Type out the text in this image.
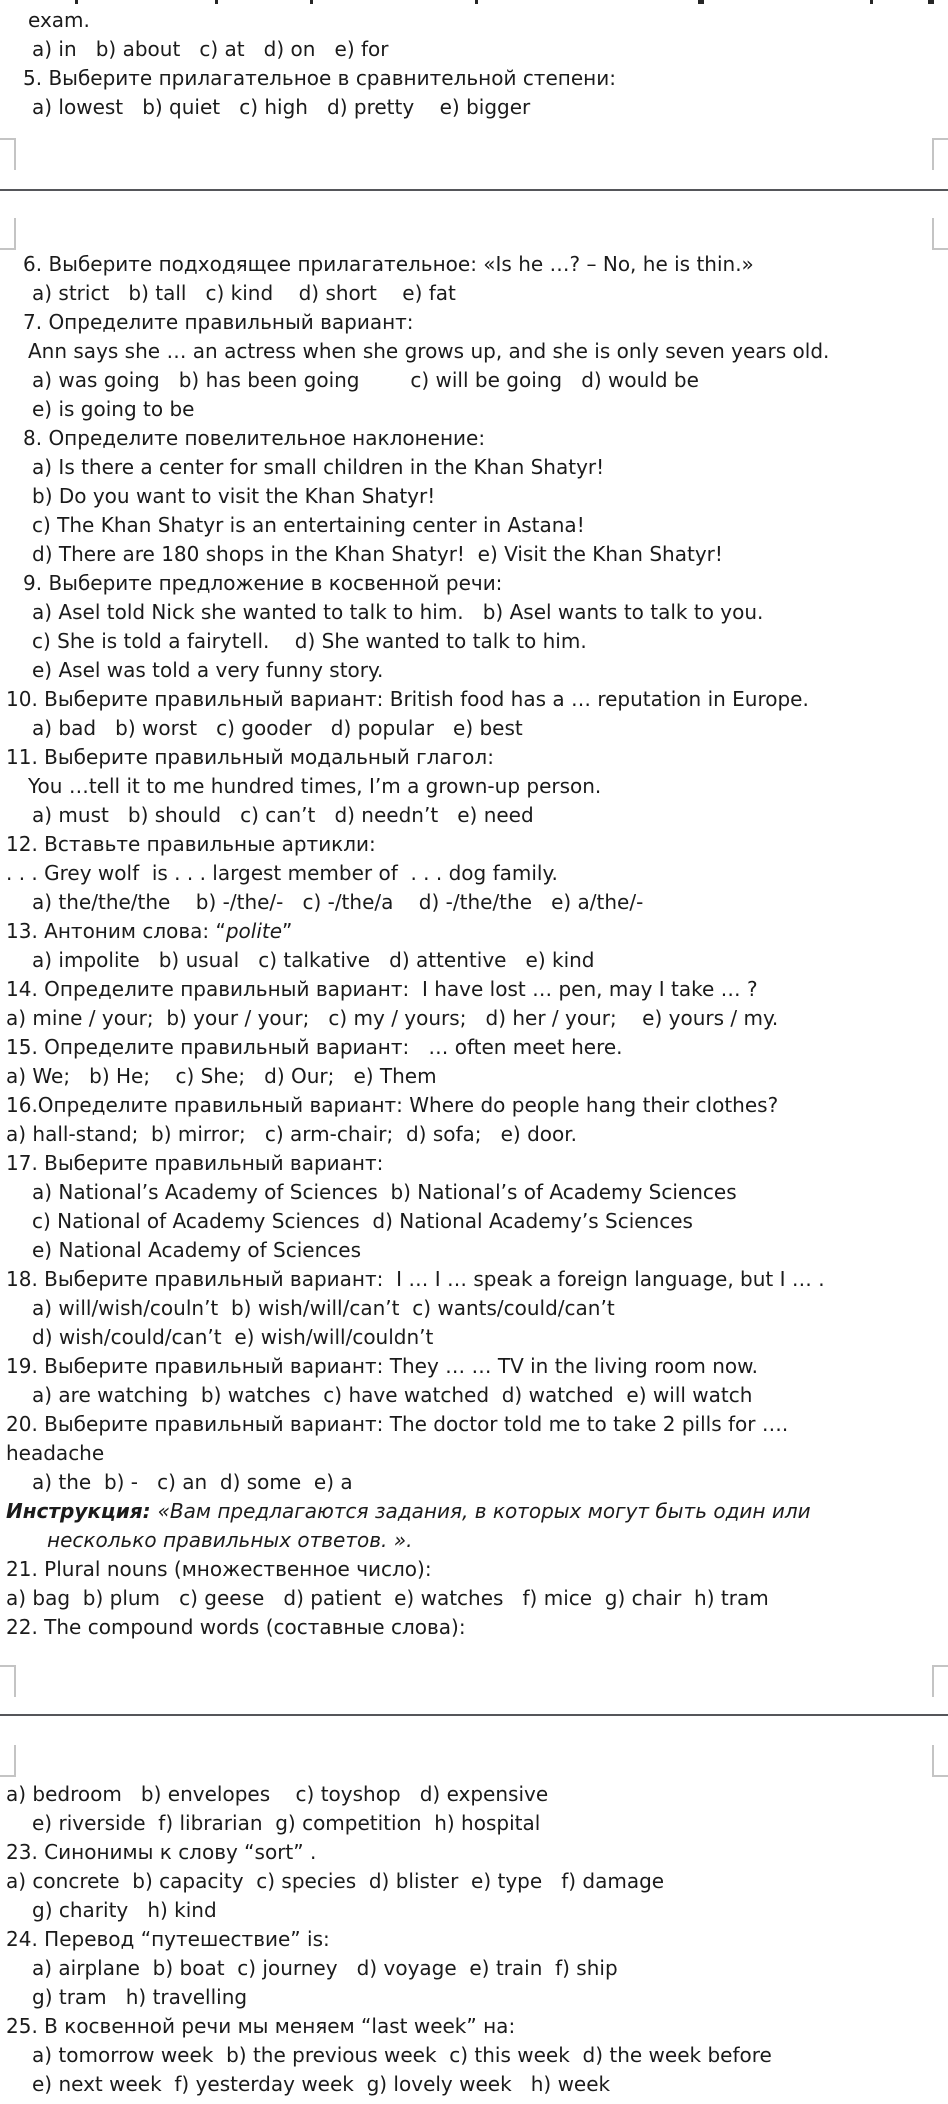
exam.
a) in   b) about   c) at   d) on   e) for
5. Выберите прилагательное в сравнительной степени:
a) lowest   b) quiet   c) high   d) pretty    e) bigger
6. Выберите подходящее прилагательное: «Is he …? – No, he is thin.»
a) strict   b) tall   c) kind    d) short    e) fat
7. Определите правильный вариант:
Ann says she … an actress when she grows up, and she is only seven years old.
a) was going   b) has been going        c) will be going   d) would be
e) is going to be
8. Определите повелительное наклонение:
a) Is there a center for small children in the Khan Shatyr!
b) Do you want to visit the Khan Shatyr!
c) The Khan Shatyr is an entertaining center in Astana!
d) There are 180 shops in the Khan Shatyr!  e) Visit the Khan Shatyr!
9. Выберите предложение в косвенной речи:
a) Asel told Nick she wanted to talk to him.   b) Asel wants to talk to you.
c) She is told a fairytell.    d) She wanted to talk to him.
e) Asel was told a very funny story.
10. Выберите правильный вариант: British food has a … reputation in Europe.
a) bad   b) worst   c) gooder   d) popular   e) best
11. Выберите правильный модальный глагол:
You …tell it to me hundred times, I’m a grown-up person.
a) must   b) should   c) can’t   d) needn’t   e) need
12. Вставьте правильные артикли:
. . . Grey wolf  is . . . largest member of  . . . dog family.
a) the/the/the    b) -/the/-   c) -/the/a    d) -/the/the   e) a/the/-
13. Антоним слова: “polite”
a) impolite   b) usual   c) talkative   d) attentive   e) kind
14. Определите правильный вариант:  I have lost … pen, may I take … ?
a) mine / your;  b) your / your;   c) my / yours;   d) her / your;    e) yours / my.
15. Определите правильный вариант:   … often meet here.
a) We;   b) He;    c) She;   d) Our;   e) Them
16.Определите правильный вариант: Where do people hang their clothes?
a) hall-stand;  b) mirror;   c) arm-chair;  d) sofa;   e) door.
17. Выберите правильный вариант:
a) National’s Academy of Sciences  b) National’s of Academy Sciences
c) National of Academy Sciences  d) National Academy’s Sciences
e) National Academy of Sciences
18. Выберите правильный вариант:  I … I … speak a foreign language, but I … .
a) will/wish/couln’t  b) wish/will/can’t  c) wants/could/can’t
d) wish/could/can’t  e) wish/will/couldn’t
19. Выберите правильный вариант: They … … TV in the living room now.
a) are watching  b) watches  c) have watched  d) watched  e) will watch
20. Выберите правильный вариант: The doctor told me to take 2 pills for ….
headache
a) the  b) -   c) an  d) some  e) a
Инструкция: «Вам предлагаются задания, в которых могут быть один или
несколько правильных ответов. ».
21. Plural nouns (множественное число):
a) bag  b) plum   c) geese   d) patient  e) watches   f) mice  g) chair  h) tram
22. The compound words (составные слова):
a) bedroom   b) envelopes    c) toyshop   d) expensive
e) riverside  f) librarian  g) competition  h) hospital
23. Синонимы к слову “sort” .
a) concrete  b) capacity  c) species  d) blister  e) type   f) damage
g) charity   h) kind
24. Перевод “путешествие” is:
a) airplane  b) boat  c) journey   d) voyage  e) train  f) ship
g) tram   h) travelling
25. В косвенной речи мы меняем “last week” на:
a) tomorrow week  b) the previous week  c) this week  d) the week before
e) next week  f) yesterday week  g) lovely week   h) week
